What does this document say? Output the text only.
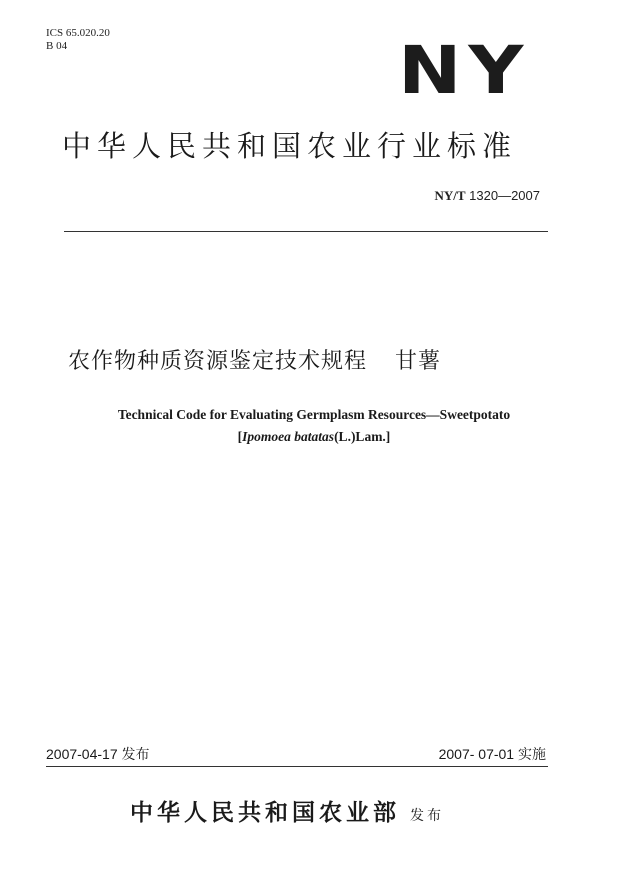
ICS 65.020.20
B 04	NY
中华人民共和国农业行业标准
NY/T 1320—2007
农作物种质资源鉴定技术规程 甘薯
Technical Code for Evaluating Germplasm Resources—Sweetpotato
[Ipomoea batatas(L.)Lam.]
2007-04-17 发布	2007- 07-01 实施
中华人民共和国农业部 发布
